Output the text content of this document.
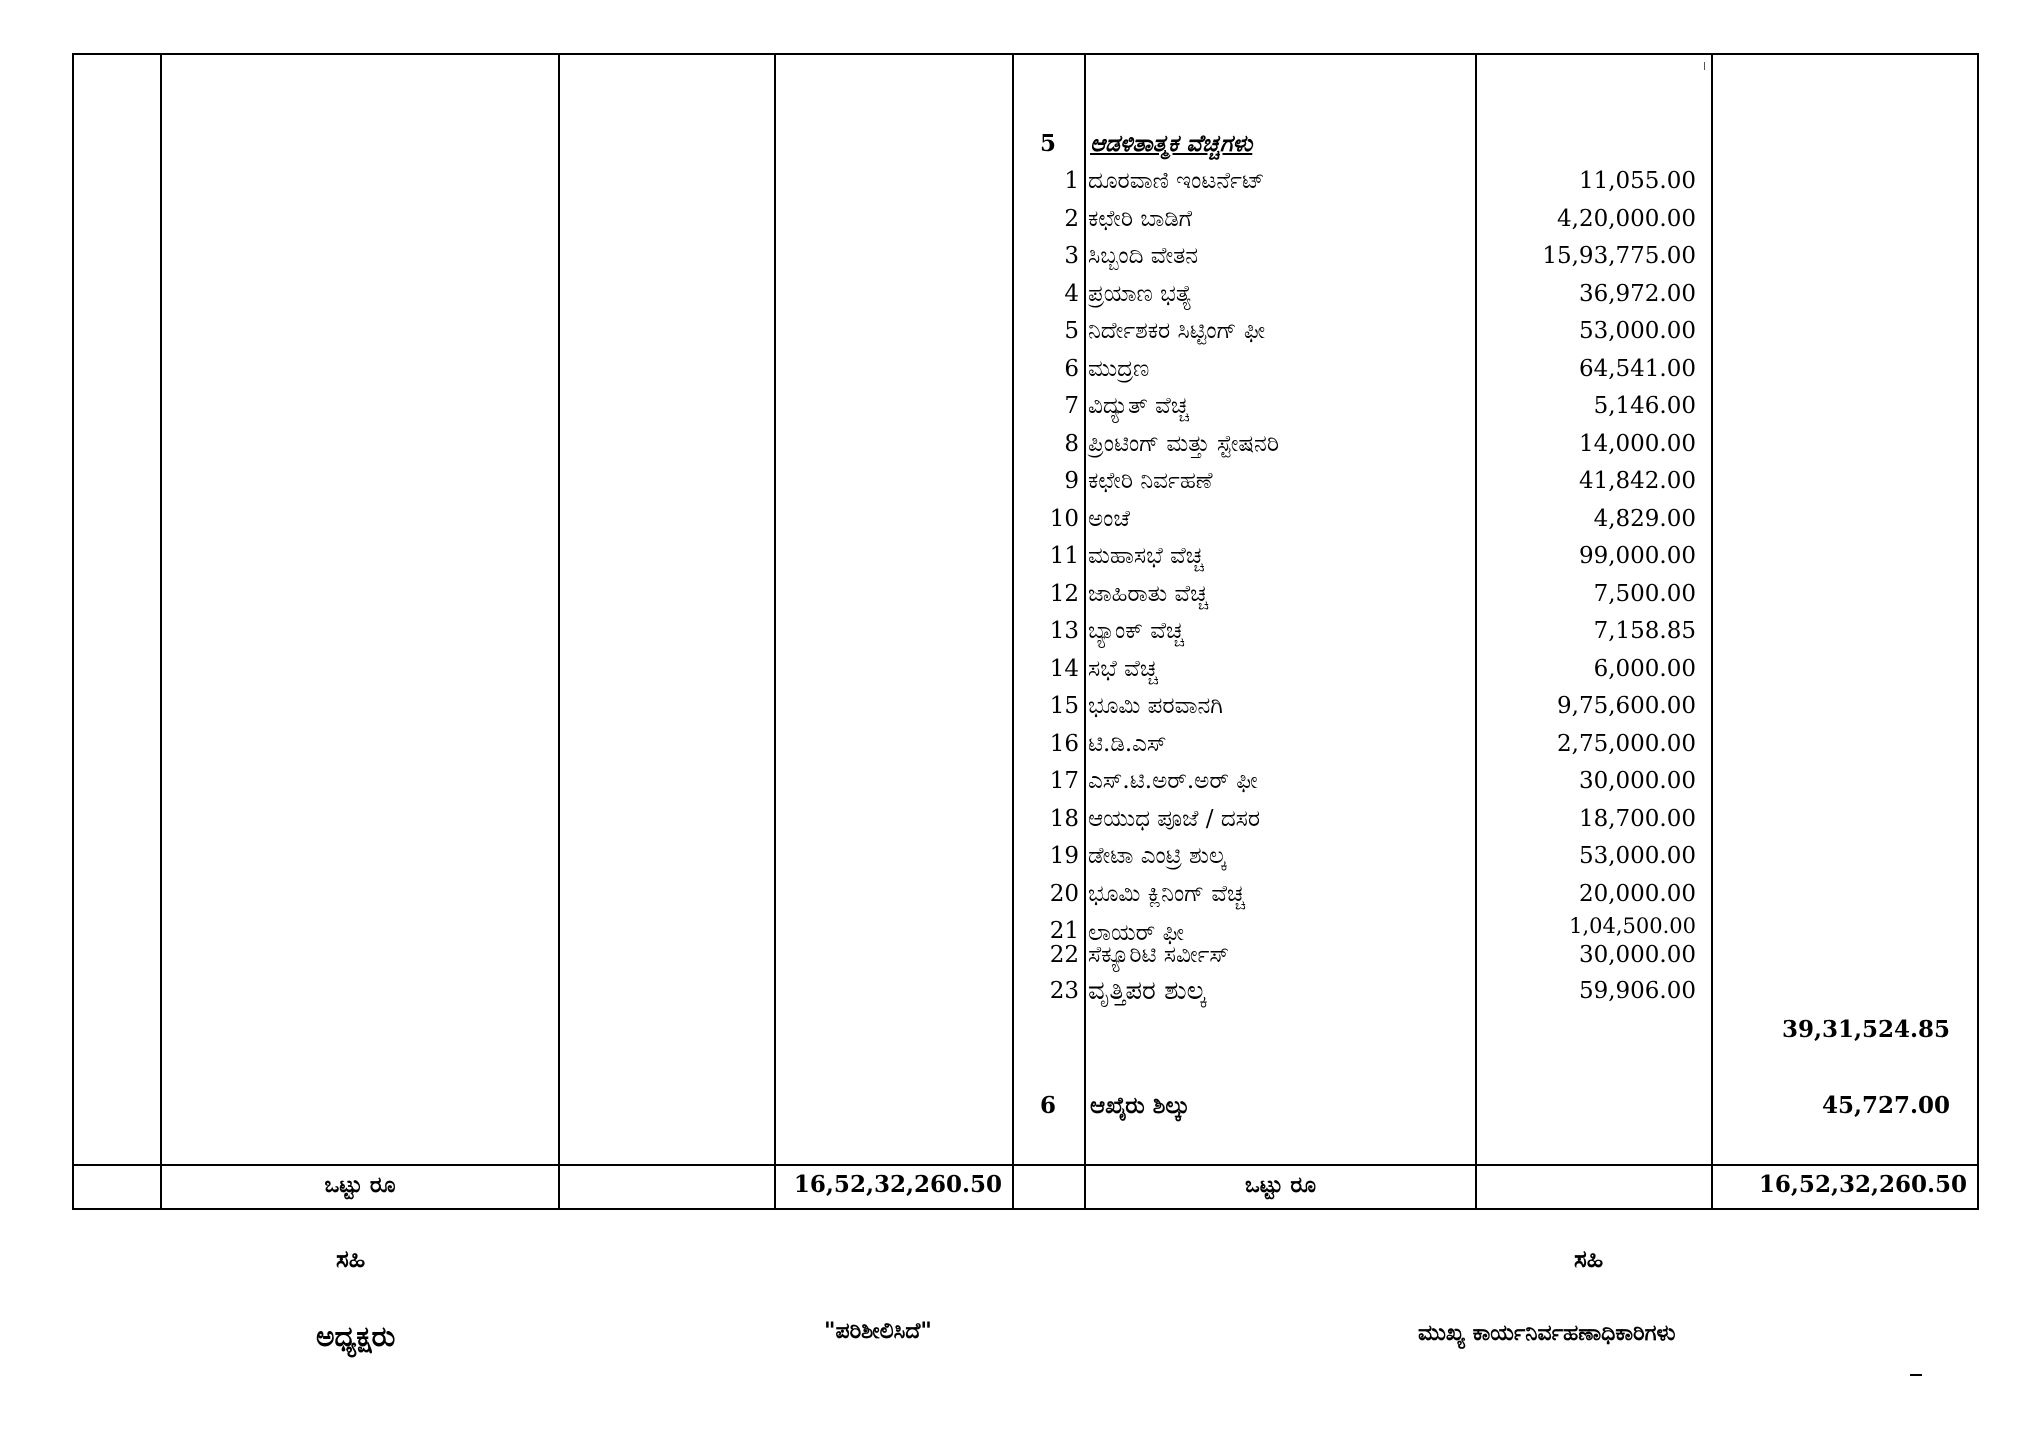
5 ಆಡಳಿತಾತ್ಮಕ ವೆಚ್ಚಗಳು
1 ದೂರವಾಣಿ ಇಂಟರ್ನೆಟ್	11,055.00
2 ಕಛೇರಿ ಬಾಡಿಗೆ	4,20,000.00
3 ಸಿಬ್ಬಂದಿ ವೇತನ	15,93,775.00
4 ಪ್ರಯಾಣ ಭತ್ಯೆ	36,972.00
5 ನಿರ್ದೇಶಕರ ಸಿಟ್ಟಿಂಗ್ ಫೀ	53,000.00
6 ಮುದ್ರಣ	64,541.00
7 ವಿದ್ಯುತ್ ವೆಚ್ಚ	5,146.00
8 ಪ್ರಿಂಟಿಂಗ್ ಮತ್ತು ಸ್ಟೇಷನರಿ	14,000.00
9 ಕಛೇರಿ ನಿರ್ವಹಣೆ	41,842.00
10 ಅಂಚೆ	4,829.00
11 ಮಹಾಸಭೆ ವೆಚ್ಚ	99,000.00
12 ಜಾಹಿರಾತು ವೆಚ್ಚ	7,500.00
13 ಬ್ಯಾಂಕ್ ವೆಚ್ಚ	7,158.85
14 ಸಭೆ ವೆಚ್ಚ	6,000.00
15 ಭೂಮಿ ಪರವಾನಗಿ	9,75,600.00
16 ಟಿ.ಡಿ.ಎಸ್	2,75,000.00
17 ಎಸ್.ಟಿ.ಅರ್.ಅರ್ ಫೀ	30,000.00
18 ಆಯುಧ ಪೂಜೆ / ದಸರ	18,700.00
19 ಡೇಟಾ ಎಂಟ್ರಿ ಶುಲ್ಕ	53,000.00
20 ಭೂಮಿ ಕ್ಲಿನಿಂಗ್ ವೆಚ್ಚ	20,000.00
21 ಲಾಯರ್ ಫೀ	1,04,500.00
22 ಸೆಕ್ಯೂರಿಟಿ ಸರ್ವೀಸ್	30,000.00
23 ವೃತ್ತಿಪರ ಶುಲ್ಕ	59,906.00
39,31,524.85
6 ಆಖೈರು ಶಿಲ್ಕು	45,727.00
ಒಟ್ಟು ರೂ	16,52,32,260.50	ಒಟ್ಟು ರೂ	16,52,32,260.50
ಸಹಿ
ಅಧ್ಯಕ್ಷರು	"ಪರಿಶೀಲಿಸಿದೆ"
ಸಹಿ
ಮುಖ್ಯ ಕಾರ್ಯನಿರ್ವಹಣಾಧಿಕಾರಿಗಳು
